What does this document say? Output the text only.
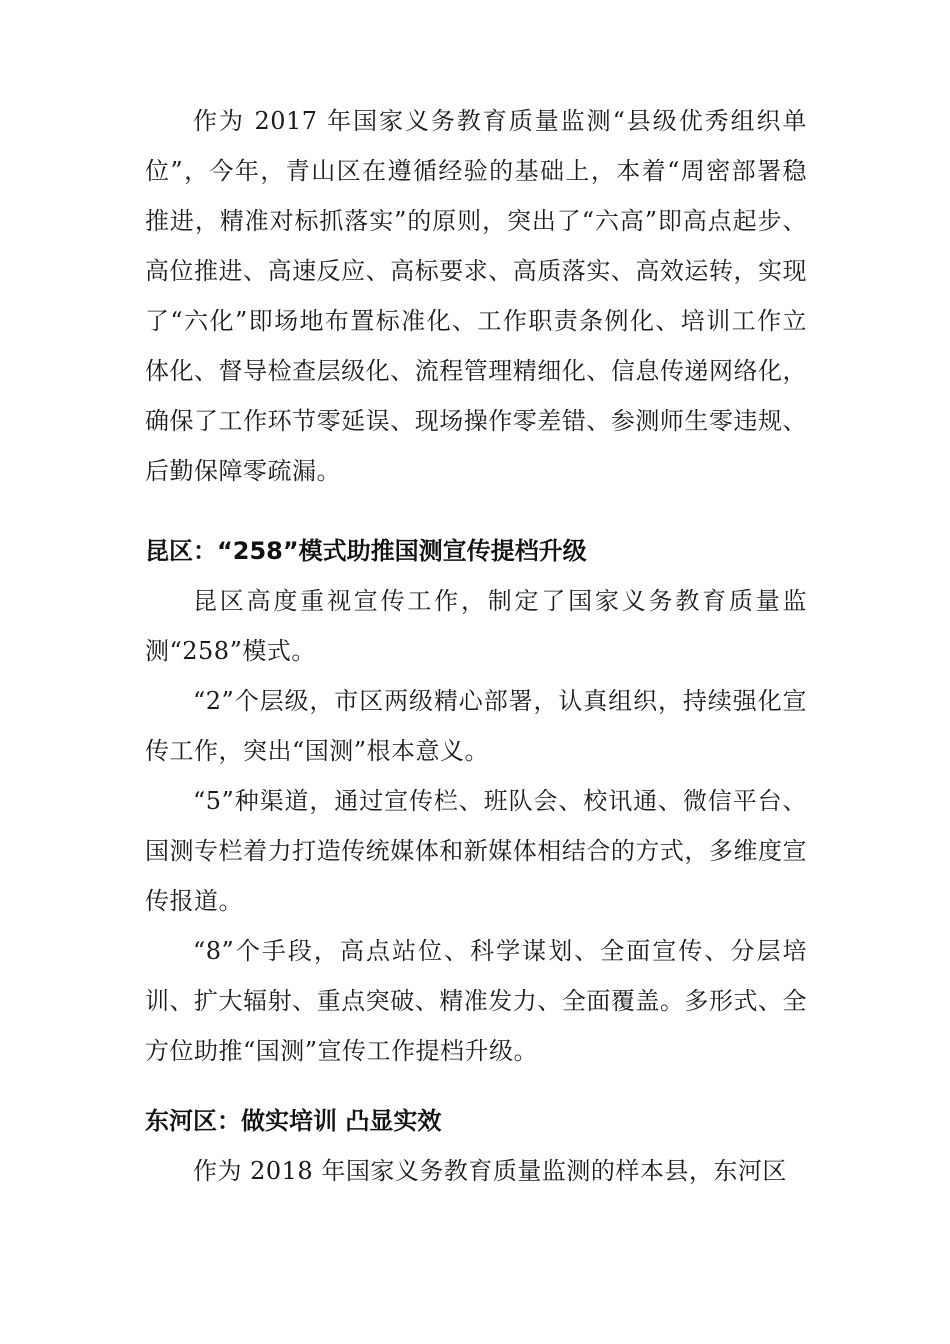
作为 2017 年国家义务教育质量监测“县级优秀组织单位”，今年，青山区在遵循经验的基础上，本着“周密部署稳推进，精准对标抓落实”的原则，突出了“六高”即高点起步、高位推进、高速反应、高标要求、高质落实、高效运转，实现了“六化”即场地布置标准化、工作职责条例化、培训工作立体化、督导检查层级化、流程管理精细化、信息传递网络化，确保了工作环节零延误、现场操作零差错、参测师生零违规、后勤保障零疏漏。

昆区：“258”模式助推国测宣传提档升级

昆区高度重视宣传工作，制定了国家义务教育质量监测“258”模式。

“2”个层级，市区两级精心部署，认真组织，持续强化宣传工作，突出“国测”根本意义。

“5”种渠道，通过宣传栏、班队会、校讯通、微信平台、国测专栏着力打造传统媒体和新媒体相结合的方式，多维度宣传报道。

“8”个手段，高点站位、科学谋划、全面宣传、分层培训、扩大辐射、重点突破、精准发力、全面覆盖。多形式、全方位助推“国测”宣传工作提档升级。

东河区：做实培训 凸显实效

作为 2018 年国家义务教育质量监测的样本县，东河区
